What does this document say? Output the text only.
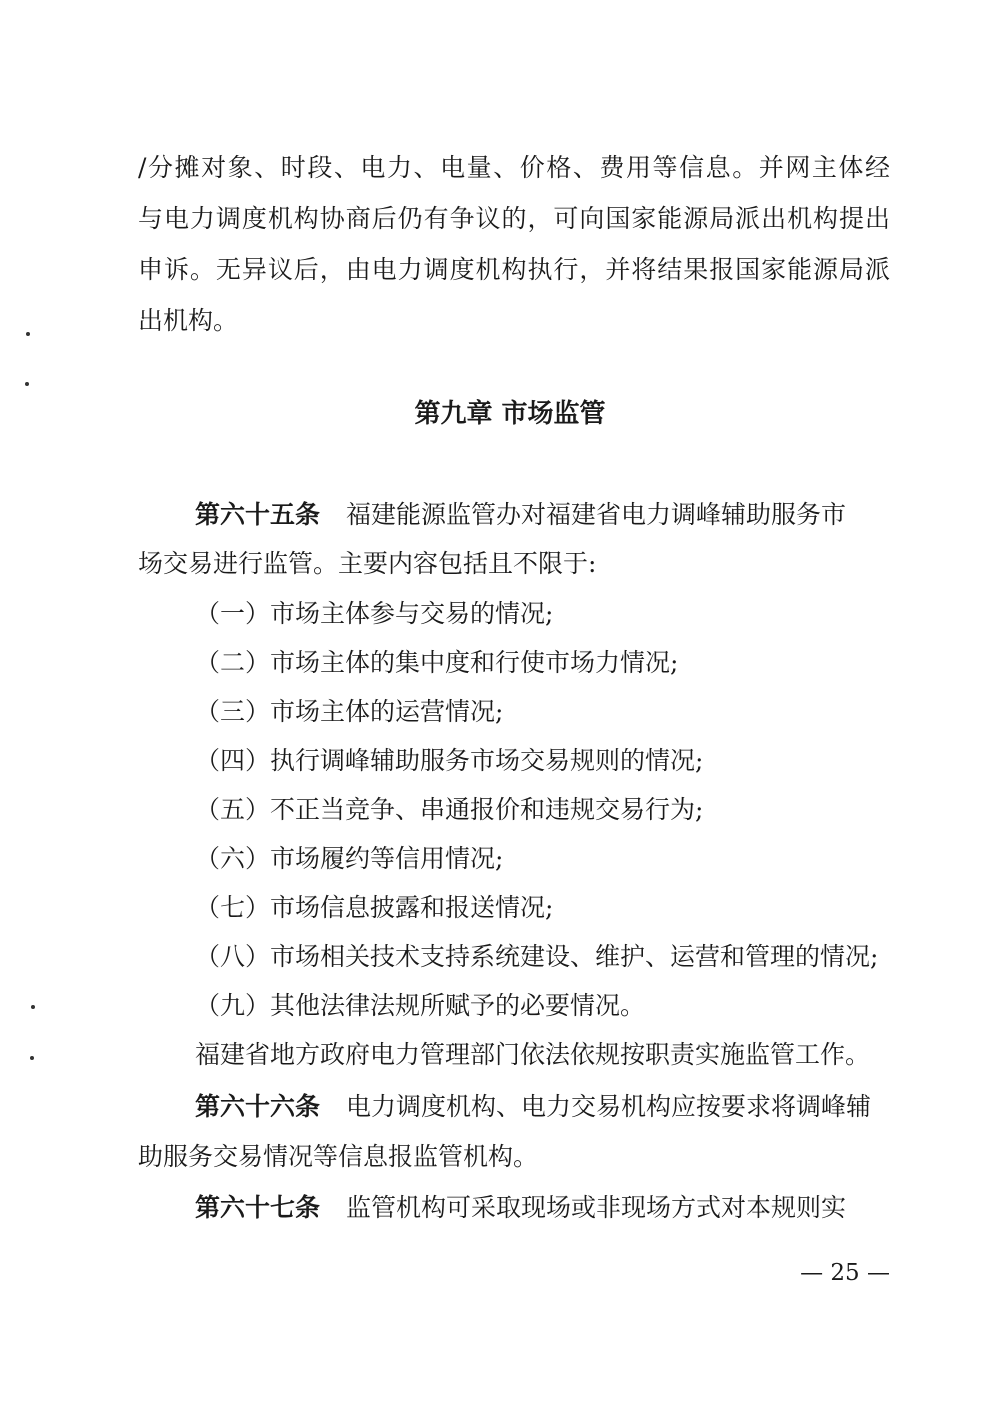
/分摊对象、时段、电力、电量、价格、费用等信息。并网主体经
与电力调度机构协商后仍有争议的，可向国家能源局派出机构提出
申诉。无异议后，由电力调度机构执行，并将结果报国家能源局派
出机构。
第九章 市场监管
第六十五条 福建能源监管办对福建省电力调峰辅助服务市
场交易进行监管。主要内容包括且不限于:
（一）市场主体参与交易的情况;
（二）市场主体的集中度和行使市场力情况;
（三）市场主体的运营情况;
（四）执行调峰辅助服务市场交易规则的情况;
（五）不正当竞争、串通报价和违规交易行为;
（六）市场履约等信用情况;
（七）市场信息披露和报送情况;
（八）市场相关技术支持系统建设、维护、运营和管理的情况;
（九）其他法律法规所赋予的必要情况。
福建省地方政府电力管理部门依法依规按职责实施监管工作。
第六十六条 电力调度机构、电力交易机构应按要求将调峰辅
助服务交易情况等信息报监管机构。
第六十七条 监管机构可采取现场或非现场方式对本规则实
— 25 —
